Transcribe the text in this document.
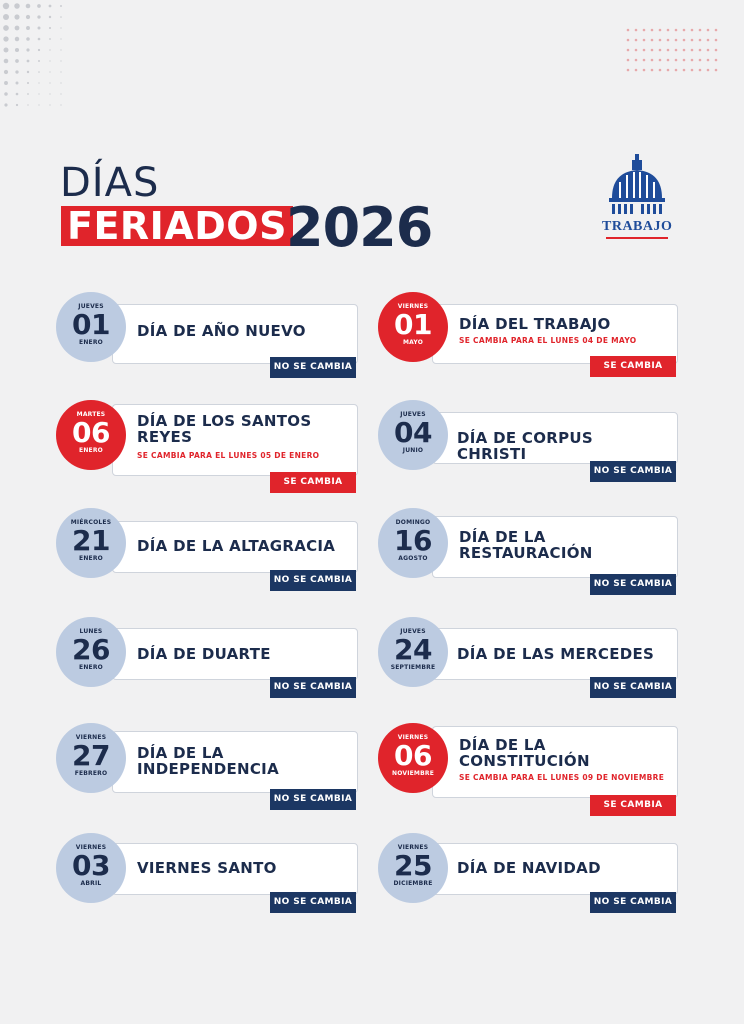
DÍAS
FERIADOS 2026	TRABAJO
DÍA DE AÑO NUEVO
NO SE CAMBIA
JUEVES
01
ENERO
DÍA DE LOS SANTOS REYES
SE CAMBIA PARA EL LUNES 05 DE ENERO
SE CAMBIA
MARTES
06
ENERO
DÍA DE LA ALTAGRACIA
NO SE CAMBIA
MIÉRCOLES
21
ENERO
DÍA DE DUARTE
NO SE CAMBIA
LUNES
26
ENERO
DÍA DE LA INDEPENDENCIA
NO SE CAMBIA
VIERNES
27
FEBRERO
VIERNES SANTO
NO SE CAMBIA
VIERNES
03
ABRIL
DÍA DEL TRABAJO
SE CAMBIA PARA EL LUNES 04 DE MAYO
SE CAMBIA
VIERNES
01
MAYO
DÍA DE CORPUS CHRISTI
NO SE CAMBIA
JUEVES
04
JUNIO
DÍA DE LA RESTAURACIÓN
NO SE CAMBIA
DOMINGO
16
AGOSTO
DÍA DE LAS MERCEDES
NO SE CAMBIA
JUEVES
24
SEPTIEMBRE
DÍA DE LA CONSTITUCIÓN
SE CAMBIA PARA EL LUNES 09 DE NOVIEMBRE
SE CAMBIA
VIERNES
06
NOVIEMBRE
DÍA DE NAVIDAD
NO SE CAMBIA
VIERNES
25
DICIEMBRE
